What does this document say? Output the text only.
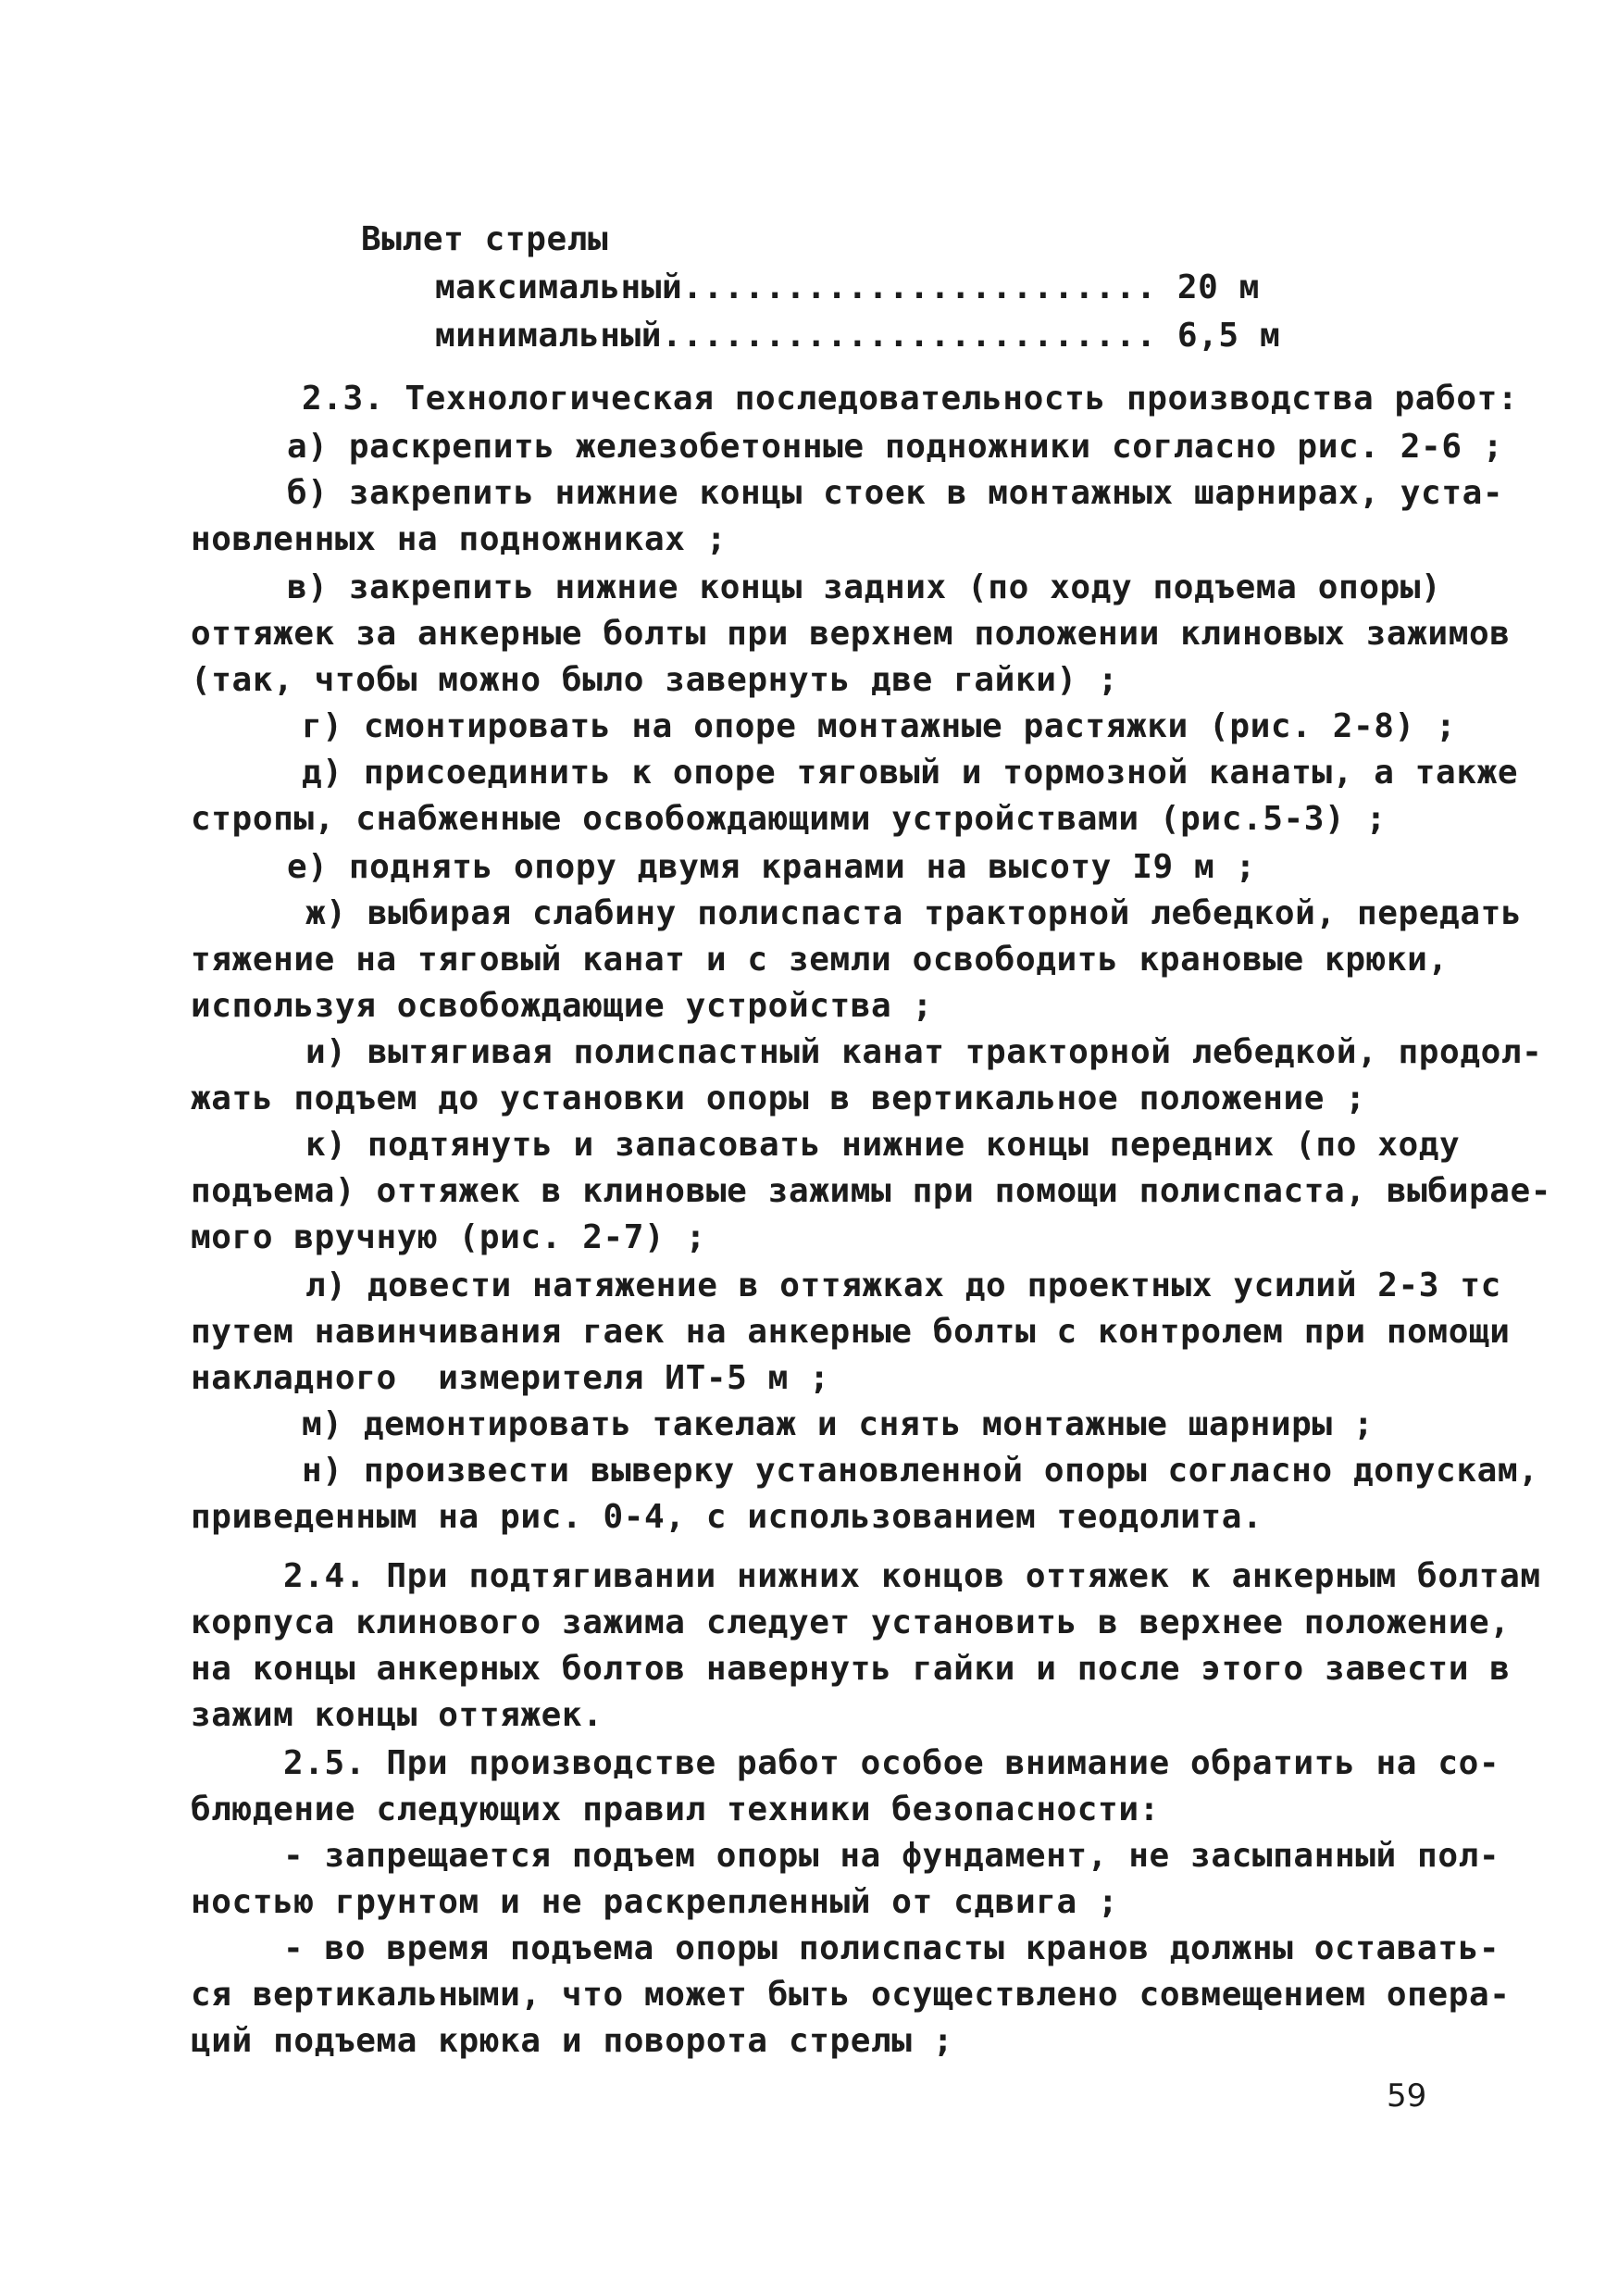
Вылет стрелы
максимальный....................... 20 м
минимальный........................ 6,5 м
2.3. Технологическая последовательность производства работ:
а) раскрепить железобетонные подножники согласно рис. 2-6 ;
б) закрепить нижние концы стоек в монтажных шарнирах, уста-
новленных на подножниках ;
в) закрепить нижние концы задних (по ходу подъема опоры)
оттяжек за анкерные болты при верхнем положении клиновых зажимов
(так, чтобы можно было завернуть две гайки) ;
г) смонтировать на опоре монтажные растяжки (рис. 2-8) ;
д) присоединить к опоре тяговый и тормозной канаты, а также
стропы, снабженные освобождающими устройствами (рис.5-3) ;
е) поднять опору двумя кранами на высоту I9 м ;
ж) выбирая слабину полиспаста тракторной лебедкой, передать
тяжение на тяговый канат и с земли освободить крановые крюки,
используя освобождающие устройства ;
и) вытягивая полиспастный канат тракторной лебедкой, продол-
жать подъем до установки опоры в вертикальное положение ;
к) подтянуть и запасовать нижние концы передних (по ходу
подъема) оттяжек в клиновые зажимы при помощи полиспаста, выбирае-
мого вручную (рис. 2-7) ;
л) довести натяжение в оттяжках до проектных усилий 2-3 тс
путем навинчивания гаек на анкерные болты с контролем при помощи
накладного  измерителя ИТ-5 м ;
м) демонтировать такелаж и снять монтажные шарниры ;
н) произвести выверку установленной опоры согласно допускам,
приведенным на рис. 0-4, с использованием теодолита.
2.4. При подтягивании нижних концов оттяжек к анкерным болтам
корпуса клинового зажима следует установить в верхнее положение,
на концы анкерных болтов навернуть гайки и после этого завести в
зажим концы оттяжек.
2.5. При производстве работ особое внимание обратить на со-
блюдение следующих правил техники безопасности:
- запрещается подъем опоры на фундамент, не засыпанный пол-
ностью грунтом и не раскрепленный от сдвига ;
- во время подъема опоры полиспасты кранов должны оставать-
ся вертикальными, что может быть осуществлено совмещением опера-
ций подъема крюка и поворота стрелы ;
59
